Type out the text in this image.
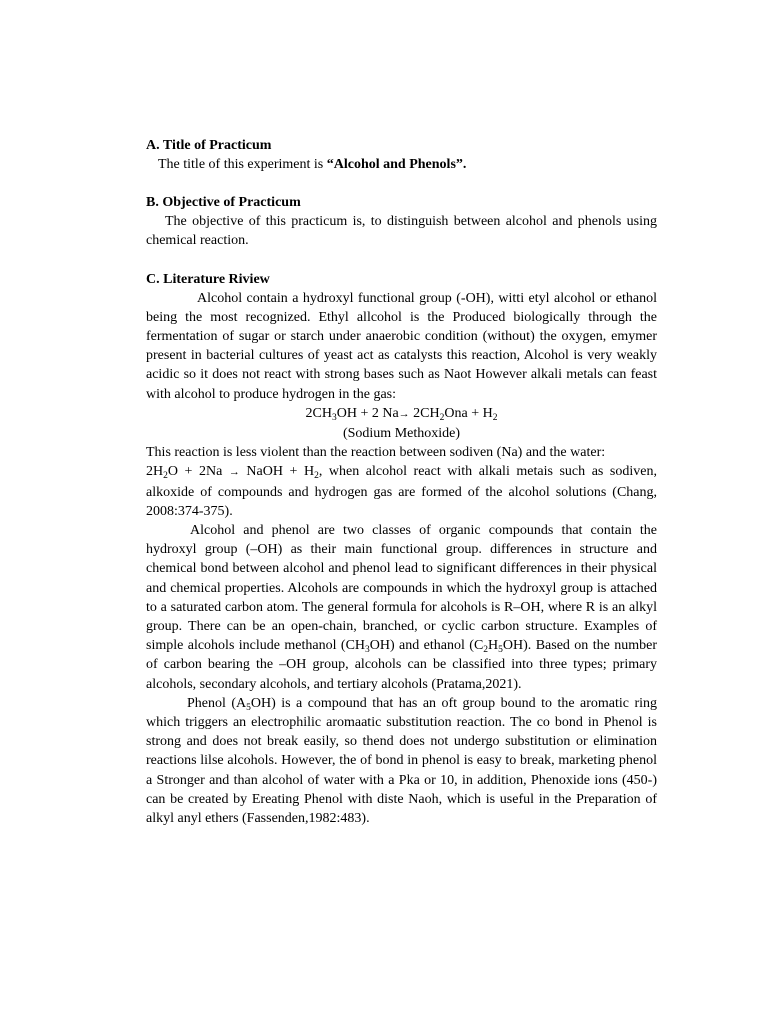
A. Title of Practicum

The title of this experiment is “Alcohol and Phenols”.

B. Objective of Practicum

The objective of this practicum is, to distinguish between alcohol and phenols using chemical reaction.

C. Literature Riview

Alcohol contain a hydroxyl functional group (-OH), witti etyl alcohol or ethanol being the most recognized. Ethyl allcohol is the Produced biologically through the fermentation of sugar or starch under anaerobic condition (without) the oxygen, emymer present in bacterial cultures of yeast act as catalysts this reaction, Alcohol is very weakly acidic so it does not react with strong bases such as Naot However alkali metals can feast with alcohol to produce hydrogen in the gas:

$2CH_3OH + 2$ $Na\to 2CH_2Ona + H_2$

(Sodium Methoxide)

This reaction is less violent than the reaction between sodiven (Na) and the water:
$2H_2O + 2Na$ → NaOH + $H_2$, when alcohol react with alkali metais such as sodiven, alkoxide of compounds and hydrogen gas are formed of the alcohol solutions (Chang, 2008:374-375).

Alcohol and phenol are two classes of organic compounds that contain the hydroxyl group (–OH) as their main functional group. differences in structure and chemical bond between alcohol and phenol lead to significant differences in their physical and chemical properties. Alcohols are compounds in which the hydroxyl group is attached to a saturated carbon atom. The general formula for alcohols is R–OH, where R is an alkyl group. There can be an open-chain, branched, or cyclic carbon structure. Examples of simple alcohols include methanol $(CH_3OH)$ and ethanol $(C_2H_5OH)$. Based on the number of carbon bearing the –OH group, alcohols can be classified into three types; primary alcohols, secondary alcohols, and tertiary alcohols (Pratama,2021).

Phenol $(A_5OH)$ is a compound that has an oft group bound to the aromatic ring which triggers an electrophilic aromaatic substitution reaction. The co bond in Phenol is strong and does not break easily, so thend does not undergo substitution or elimination reactions lilse alcohols. However, the of bond in phenol is easy to break, marketing phenol a Stronger and than alcohol of water with a Pka or 10, in addition, Phenoxide ions (450-) can be created by Ereating Phenol with diste Naoh, which is useful in the Preparation of alkyl anyl ethers (Fassenden,1982:483).
